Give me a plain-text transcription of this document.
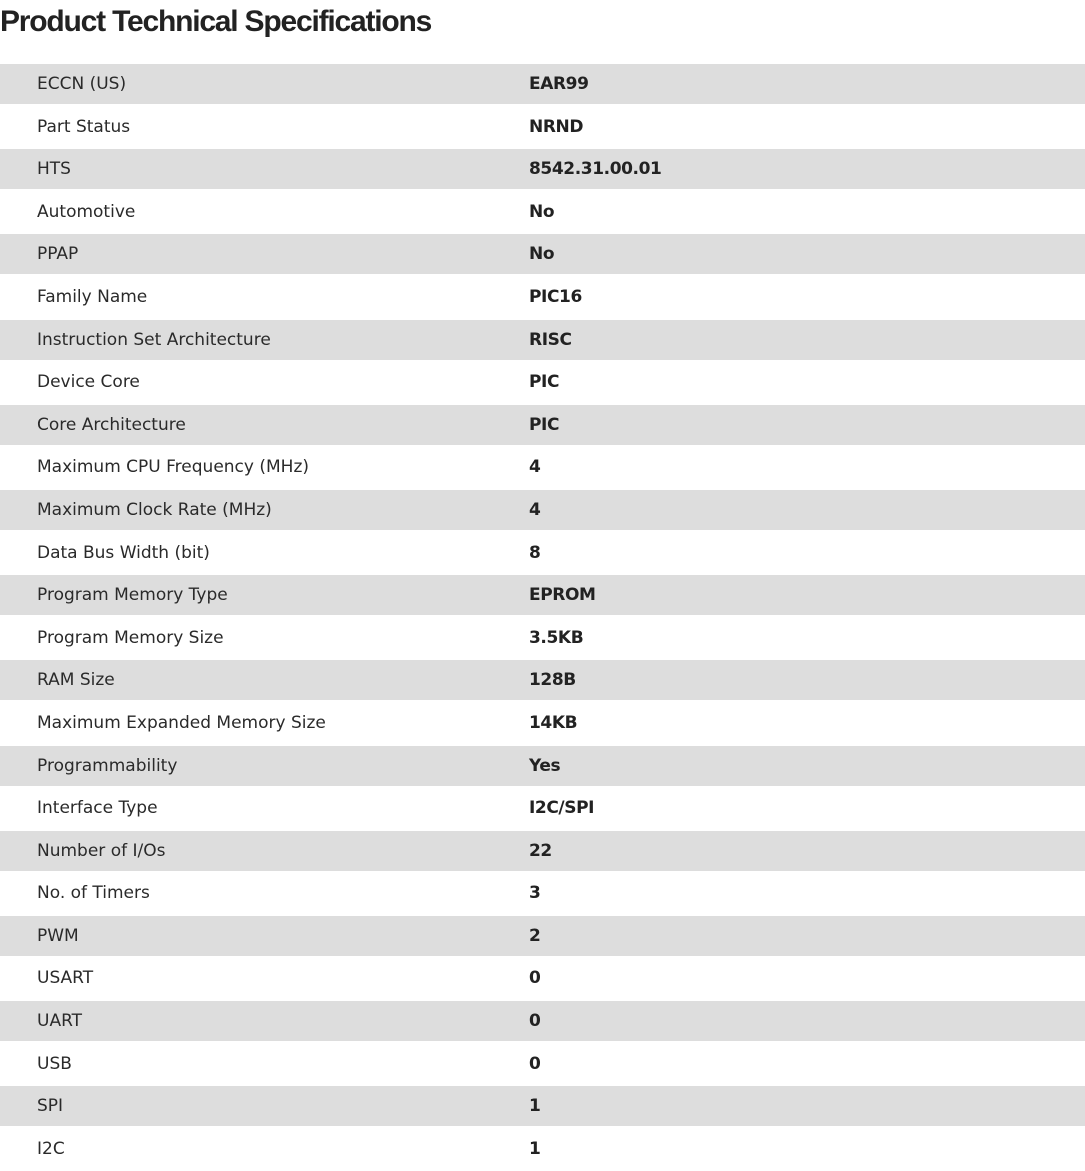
Product Technical Specifications
ECCN (US)	EAR99
Part Status	NRND
HTS	8542.31.00.01
Automotive	No
PPAP	No
Family Name	PIC16
Instruction Set Architecture	RISC
Device Core	PIC
Core Architecture	PIC
Maximum CPU Frequency (MHz)	4
Maximum Clock Rate (MHz)	4
Data Bus Width (bit)	8
Program Memory Type	EPROM
Program Memory Size	3.5KB
RAM Size	128B
Maximum Expanded Memory Size	14KB
Programmability	Yes
Interface Type	I2C/SPI
Number of I/Os	22
No. of Timers	3
PWM	2
USART	0
UART	0
USB	0
SPI	1
I2C	1
